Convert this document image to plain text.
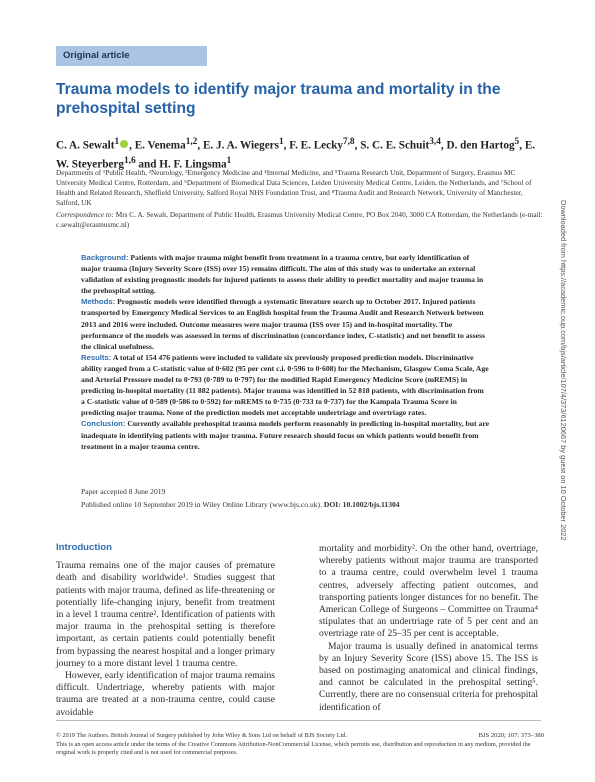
Original article
Trauma models to identify major trauma and mortality in the prehospital setting

C. A. Sewalt$^1$ , E. Venema$^{1,2}$, E. J. A. Wiegers$^1$, F. E. Lecky$^{7,8}$, S. C. E. Schuit$^{3,4}$, D. den Hartog$^5$, E. W. Steyerberg$^{1,6}$ and H. F. Lingsma$^1$

Departments of ¹Public Health, ²Neurology, ³Emergency Medicine and ⁴Internal Medicine, and ⁵Trauma Research Unit, Department of Surgery, Erasmus MC University Medical Centre, Rotterdam, and ⁶Department of Biomedical Data Sciences, Leiden University Medical Centre, Leiden, the Netherlands, and ⁷School of Health and Related Research, Sheffield University, Salford Royal NHS Foundation Trust, and ⁸Trauma Audit and Research Network, University of Manchester, Salford, UK

Correspondence to: Mrs C. A. Sewalt, Department of Public Health, Erasmus University Medical Centre, PO Box 2040, 3000 CA Rotterdam, the Netherlands (e-mail: c.sewalt@erasmusmc.nl)

Background: Patients with major trauma might benefit from treatment in a trauma centre, but early identification of major trauma (Injury Severity Score (ISS) over 15) remains difficult. The aim of this study was to undertake an external validation of existing prognostic models for injured patients to assess their ability to predict mortality and major trauma in the prehospital setting.

Methods: Prognostic models were identified through a systematic literature search up to October 2017. Injured patients transported by Emergency Medical Services to an English hospital from the Trauma Audit and Research Network between 2013 and 2016 were included. Outcome measures were major trauma (ISS over 15) and in-hospital mortality. The performance of the models was assessed in terms of discrimination (concordance index, C-statistic) and net benefit to assess the clinical usefulness.

Results: A total of 154 476 patients were included to validate six previously proposed prediction models. Discriminative ability ranged from a C-statistic value of 0·602 (95 per cent c.i. 0·596 to 0·608) for the Mechanism, Glasgow Coma Scale, Age and Arterial Pressure model to 0·793 (0·789 to 0·797) for the modified Rapid Emergency Medicine Score (mREMS) in predicting in-hospital mortality (11 882 patients). Major trauma was identified in 52 818 patients, with discrimination from a C-statistic value of 0·589 (0·586 to 0·592) for mREMS to 0·735 (0·733 to 0·737) for the Kampala Trauma Score in predicting major trauma. None of the prediction models met acceptable undertriage and overtriage rates.

Conclusion: Currently available prehospital trauma models perform reasonably in predicting in-hospital mortality, but are inadequate in identifying patients with major trauma. Future research should focus on which patients would benefit from treatment in a major trauma centre.

Paper accepted 8 June 2019

Published online 10 September 2019 in Wiley Online Library (www.bjs.co.uk). DOI: 10.1002/bjs.11304

Introduction

Trauma remains one of the major causes of premature death and disability worldwide¹. Studies suggest that patients with major trauma, defined as life-threatening or potentially life-changing injury, benefit from treatment in a level 1 trauma centre². Identification of patients with major trauma in the prehospital setting is therefore important, as certain patients could potentially benefit from bypassing the nearest hospital and a longer primary journey to a more distant level 1 trauma centre.

However, early identification of major trauma remains difficult. Undertriage, whereby patients with major trauma are treated at a non-trauma centre, could cause avoidable

mortality and morbidity². On the other hand, overtriage, whereby patients without major trauma are transported to a trauma centre, could overwhelm level 1 trauma centres, adversely affecting patient outcomes, and transporting patients longer distances for no benefit. The American College of Surgeons – Committee on Trauma⁴ stipulates that an undertriage rate of 5 per cent and an overtriage rate of 25–35 per cent is acceptable.

Major trauma is usually defined in anatomical terms by an Injury Severity Score (ISS) above 15. The ISS is based on postimaging anatomical and clinical findings, and cannot be calculated in the prehospital setting⁵. Currently, there are no consensual criteria for prehospital identification of

© 2019 The Authors. British Journal of Surgery published by John Wiley & Sons Ltd on behalf of BJS Society Ltd.

This is an open access article under the terms of the Creative Commons Attribution-NonCommercial License, which permits use, distribution and reproduction in any medium, provided the original work is properly cited and is not used for commercial purposes.

BJS 2020; 107: 373–380
Downloaded from https://academic.oup.com/bjs/article/107/4/373/6120667 by guest on 10 October 2022
